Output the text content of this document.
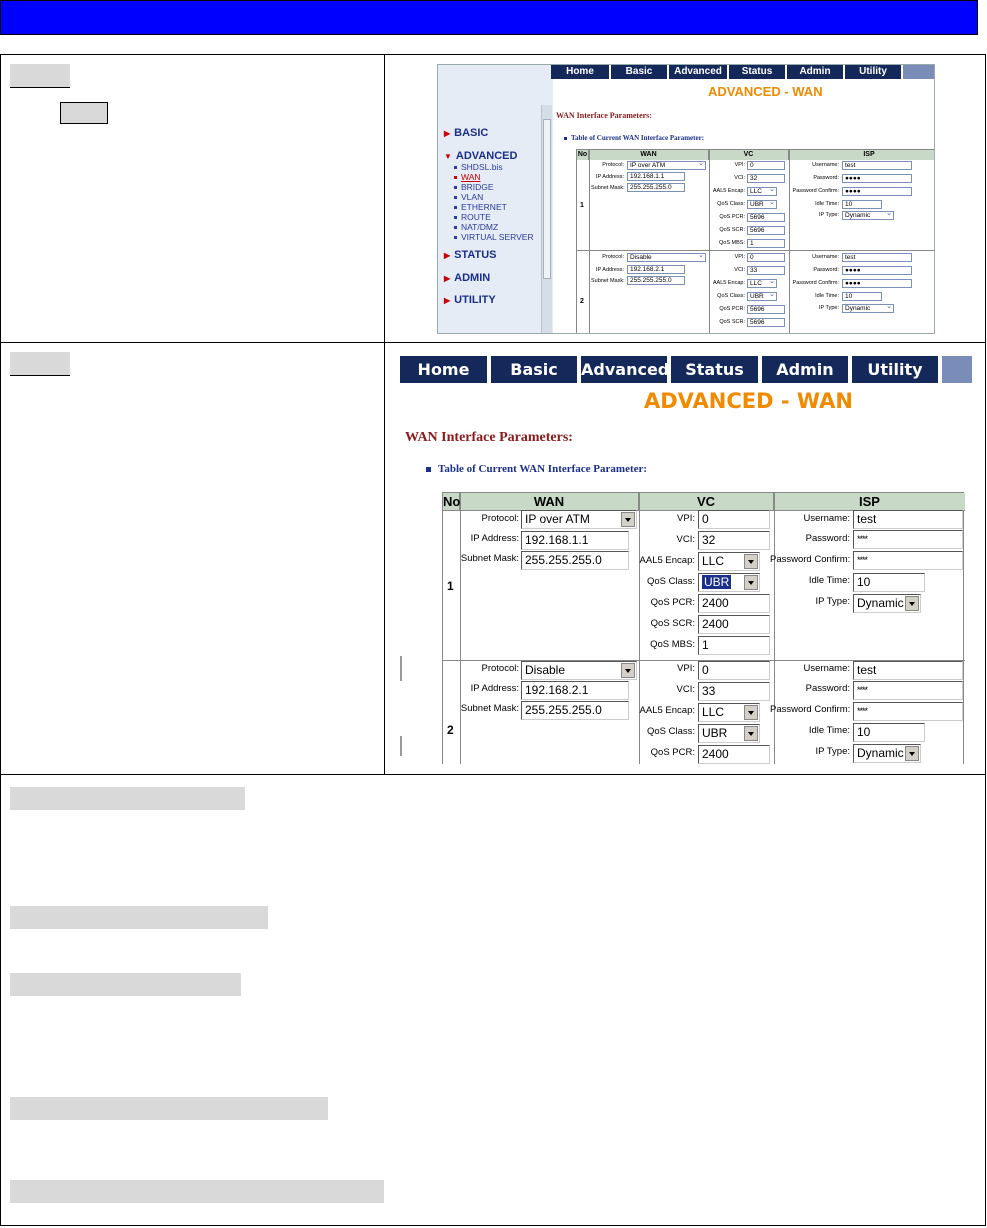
▶ BASIC
▼ ADVANCED
SHDSL.bis
WAN
BRIDGE
VLAN
ETHERNET
ROUTE
NAT/DMZ
VIRTUAL SERVER
▶ STATUS
▶ ADMIN
▶ UTILITY
Home	Basic	Advanced	Status	Admin	Utility
ADVANCED - WAN
WAN Interface Parameters:
Table of Current WAN Interface Parameter:
No	WAN	VC	ISP
1
Protocol: IP over ATM ⌄
IP Address: 192.168.1.1
Subnet Mask: 255.255.255.0
VPI: 0
VCI: 32
AAL5 Encap: LLC ⌄
QoS Class: UBR ⌄
QoS PCR: 5696
QoS SCR: 5696
QoS MBS: 1
Username: test
Password: ●●●●
Password Confirm: ●●●●
Idle Time: 10
IP Type: Dynamic ⌄
2
Protocol: Disable ⌄
IP Address: 192.168.2.1
Subnet Mask: 255.255.255.0
VPI: 0
VCI: 33
AAL5 Encap: LLC ⌄
QoS Class: UBR ⌄
QoS PCR: 5696
QoS SCR: 5696
Username: test
Password: ●●●●
Password Confirm: ●●●●
Idle Time: 10
IP Type: Dynamic ⌄
Home	Basic	Advanced Status	Admin	Utility
ADVANCED - WAN
WAN Interface Parameters:
Table of Current WAN Interface Parameter:
No	WAN	VC	ISP
1
Protocol: IP over ATM
IP Address: 192.168.1.1
Subnet Mask: 255.255.255.0
VPI: 0
VCI: 32
AAL5 Encap: LLC
QoS Class: UBR
QoS PCR: 2400
QoS SCR: 2400
QoS MBS: 1
Username: test
Password: ****
Password Confirm: ****
Idle Time: 10
IP Type: Dynamic
2
Protocol: Disable
IP Address: 192.168.2.1
Subnet Mask: 255.255.255.0
VPI: 0
VCI: 33
AAL5 Encap: LLC
QoS Class: UBR
QoS PCR: 2400
Username: test
Password: ****
Password Confirm: ****
Idle Time: 10
IP Type: Dynamic
